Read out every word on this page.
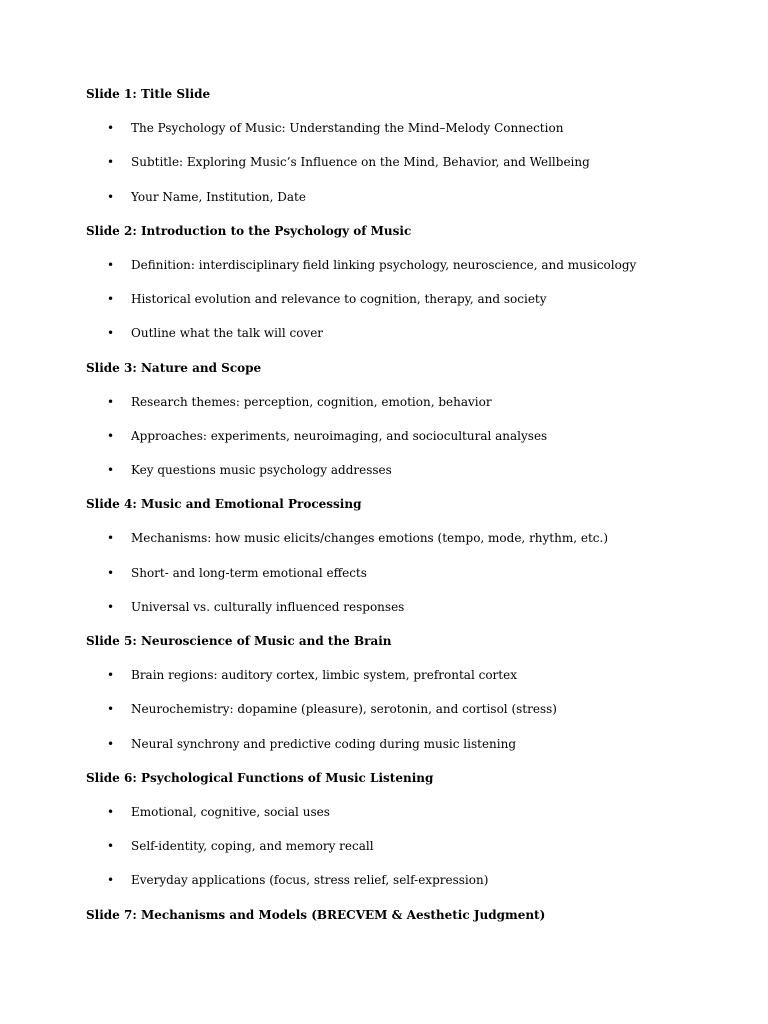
Slide 1: Title Slide
• The Psychology of Music: Understanding the Mind–Melody Connection
• Subtitle: Exploring Music’s Influence on the Mind, Behavior, and Wellbeing
• Your Name, Institution, Date
Slide 2: Introduction to the Psychology of Music
• Definition: interdisciplinary field linking psychology, neuroscience, and musicology
• Historical evolution and relevance to cognition, therapy, and society
• Outline what the talk will cover
Slide 3: Nature and Scope
• Research themes: perception, cognition, emotion, behavior
• Approaches: experiments, neuroimaging, and sociocultural analyses
• Key questions music psychology addresses
Slide 4: Music and Emotional Processing
• Mechanisms: how music elicits/changes emotions (tempo, mode, rhythm, etc.)
• Short- and long-term emotional effects
• Universal vs. culturally influenced responses
Slide 5: Neuroscience of Music and the Brain
• Brain regions: auditory cortex, limbic system, prefrontal cortex
• Neurochemistry: dopamine (pleasure), serotonin, and cortisol (stress)
• Neural synchrony and predictive coding during music listening
Slide 6: Psychological Functions of Music Listening
• Emotional, cognitive, social uses
• Self-identity, coping, and memory recall
• Everyday applications (focus, stress relief, self-expression)
Slide 7: Mechanisms and Models (BRECVEM & Aesthetic Judgment)
